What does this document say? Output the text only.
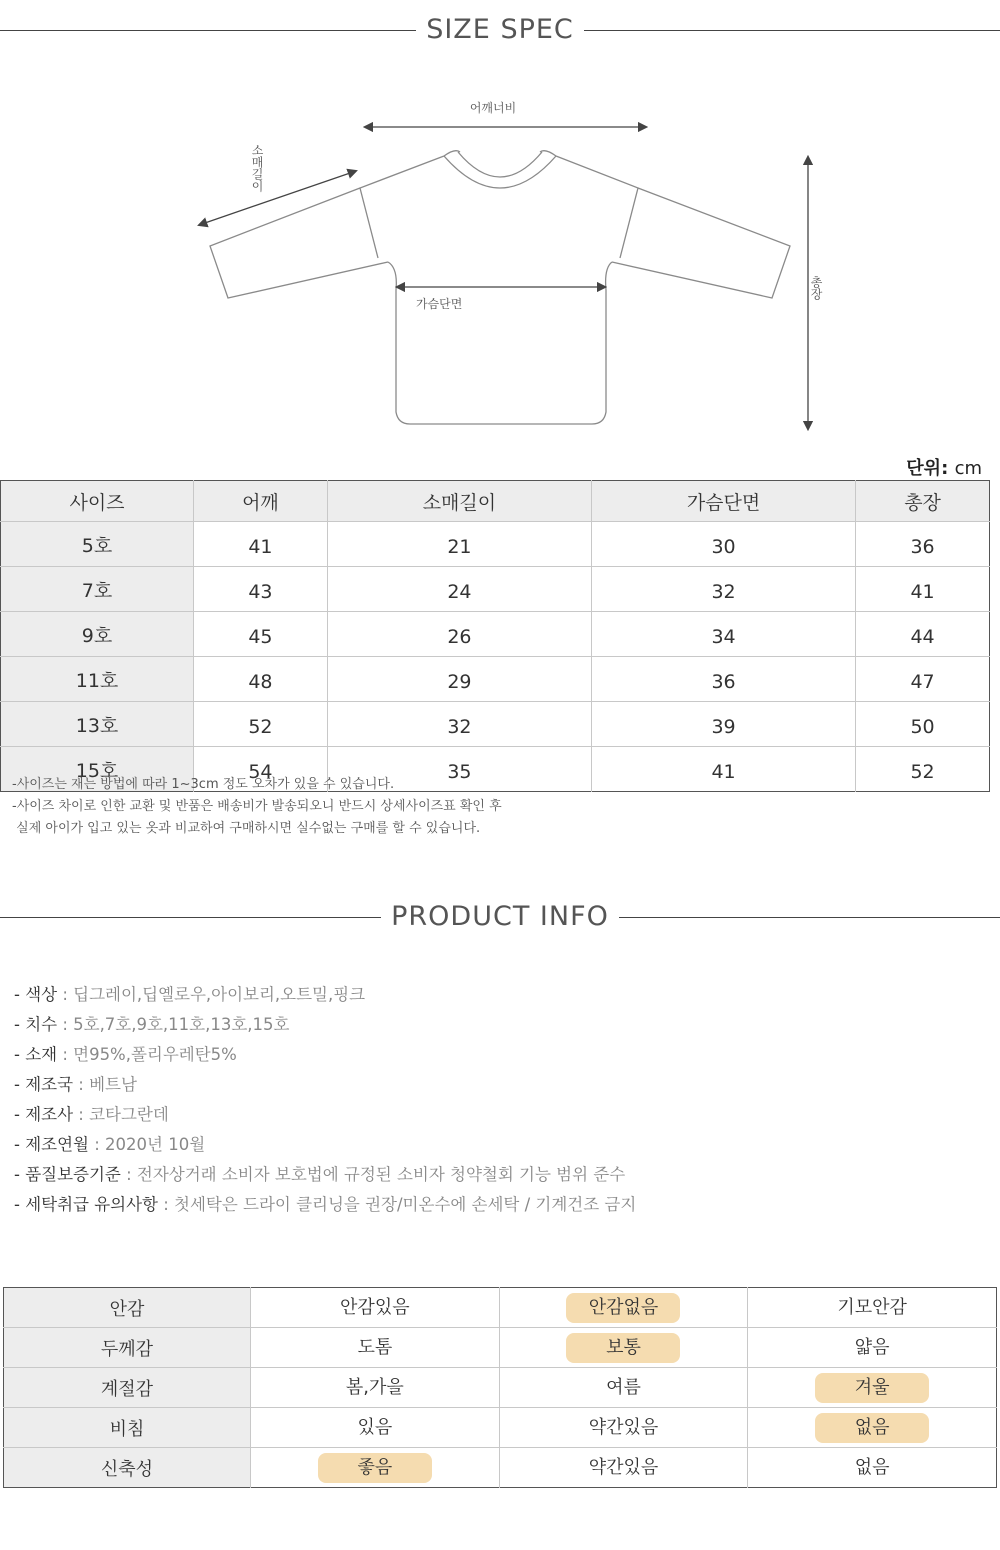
SIZE SPEC
어깨너비
소매길이
가슴단면
총장
단위: cm
사이즈	어깨	소매길이	가슴단면	총장
5호	41	21	30	36
7호	43	24	32	41
9호	45	26	34	44
11호	48	29	36	47
13호	52	32	39	50
15호	54	35	41	52
-사이즈는 재는 방법에 따라 1~3cm 정도 오차가 있을 수 있습니다.
-사이즈 차이로 인한 교환 및 반품은 배송비가 발송되오니 반드시 상세사이즈표 확인 후
실제 아이가 입고 있는 옷과 비교하여 구매하시면 실수없는 구매를 할 수 있습니다.
PRODUCT INFO
- 색상 : 딥그레이,딥옐로우,아이보리,오트밀,핑크
- 치수 : 5호,7호,9호,11호,13호,15호
- 소재 : 면95%,폴리우레탄5%
- 제조국 : 베트남
- 제조사 : 코타그란데
- 제조연월 : 2020년 10월
- 품질보증기준 : 전자상거래 소비자 보호법에 규정된 소비자 청약철회 기능 범위 준수
- 세탁취급 유의사항 : 첫세탁은 드라이 클리닝을 권장/미온수에 손세탁 / 기계건조 금지
안감	안감있음	안감없음	기모안감
두께감	도톰	보통	얇음
계절감	봄,가을	여름	겨울
비침	있음	약간있음	없음
신축성	좋음	약간있음	없음
